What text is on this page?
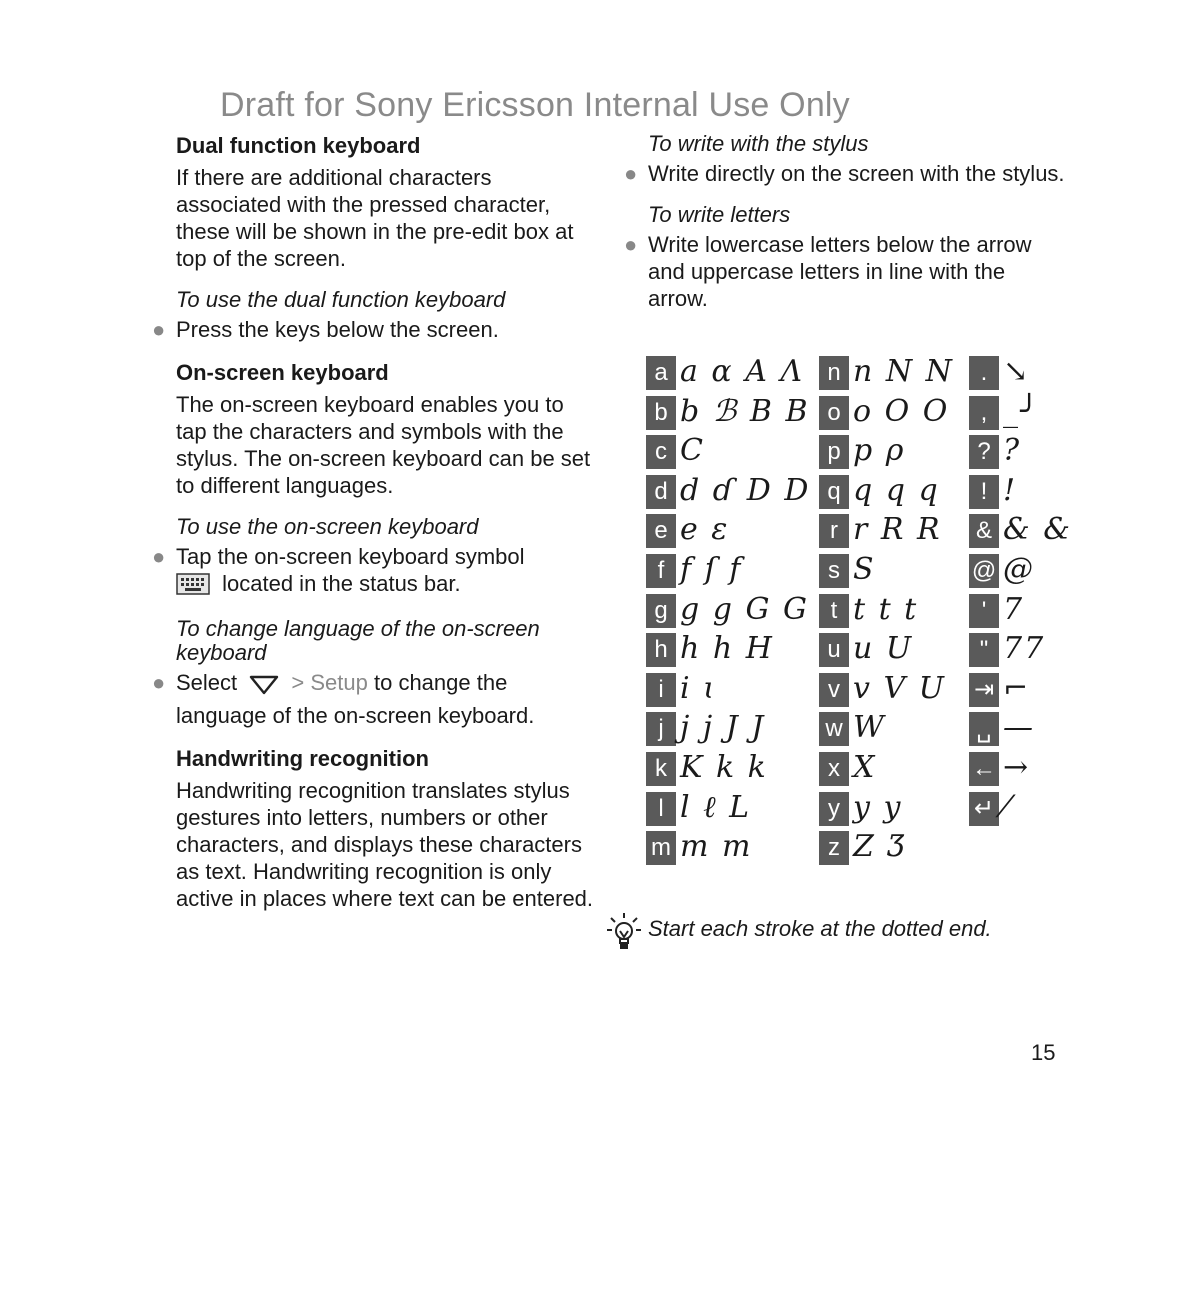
Draft for Sony Ericsson Internal Use Only
Dual function keyboard
If there are additional characters associated with the pressed character, these will be shown in the pre-edit box at top of the screen.
To use the dual function keyboard
● Press the keys below the screen.
On-screen keyboard
The on-screen keyboard enables you to tap the characters and symbols with the stylus. The on-screen keyboard can be set to different languages.
To use the on-screen keyboard
● Tap the on-screen keyboard symbol
located in the status bar.
To change language of the on-screen keyboard
● Select > Setup to change the language of the on-screen keyboard.
Handwriting recognition
Handwriting recognition translates stylus gestures into letters, numbers or other characters, and displays these characters as text. Handwriting recognition is only active in places where text can be entered.
To write with the stylus
● Write directly on the screen with the stylus.
To write letters
● Write lowercase letters below the arrow and uppercase letters in line with the arrow.
a a ɑ A Λ
b b ℬ B B
c C
d d ɗ D D
e e ε
f f ſ f
g g g G G
h h h H
i i ɩ
j j j J J
k K k k
l l ℓ L
m m m
n n N N
o o O O
p p ρ
q q q q
r r R R
s S
t t t t
u u U
v v V U
w W
x X
y y y
z Z Ʒ
. ↘
, _╯
? ?
! !
& & &
@ @
' 7
" 77
⇥ ⌐
␣ —
← →
↵ ⁄
Start each stroke at the dotted end.
15
